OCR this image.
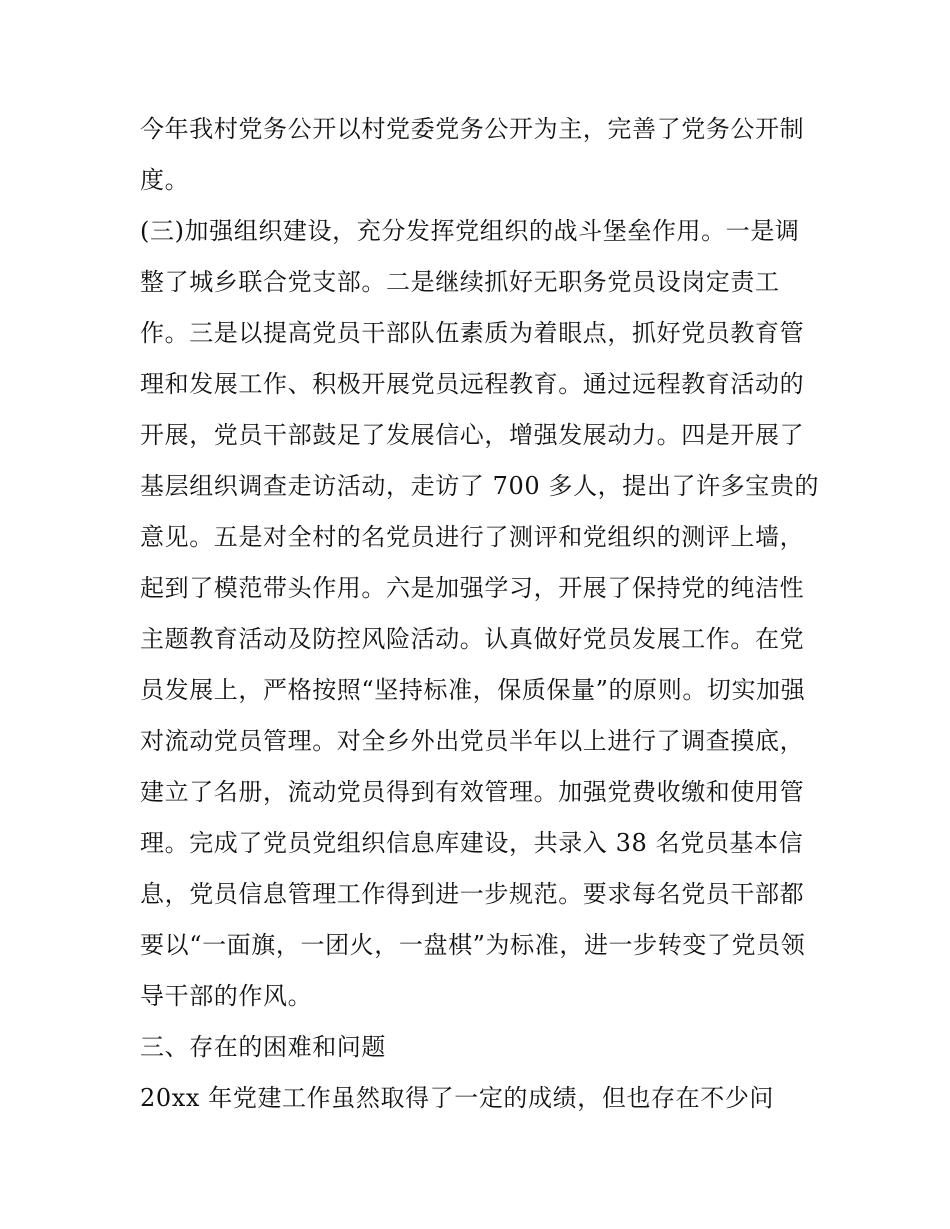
今年我村党务公开以村党委党务公开为主，完善了党务公开制
度。
(三)加强组织建设，充分发挥党组织的战斗堡垒作用。一是调
整了城乡联合党支部。二是继续抓好无职务党员设岗定责工
作。三是以提高党员干部队伍素质为着眼点，抓好党员教育管
理和发展工作、积极开展党员远程教育。通过远程教育活动的
开展，党员干部鼓足了发展信心，增强发展动力。四是开展了
基层组织调查走访活动，走访了 700 多人，提出了许多宝贵的
意见。五是对全村的名党员进行了测评和党组织的测评上墙，
起到了模范带头作用。六是加强学习，开展了保持党的纯洁性
主题教育活动及防控风险活动。认真做好党员发展工作。在党
员发展上，严格按照“坚持标准，保质保量”的原则。切实加强
对流动党员管理。对全乡外出党员半年以上进行了调查摸底，
建立了名册，流动党员得到有效管理。加强党费收缴和使用管
理。完成了党员党组织信息库建设，共录入 38 名党员基本信
息，党员信息管理工作得到进一步规范。要求每名党员干部都
要以“一面旗，一团火，一盘棋”为标准，进一步转变了党员领
导干部的作风。
三、存在的困难和问题
20xx 年党建工作虽然取得了一定的成绩，但也存在不少问
